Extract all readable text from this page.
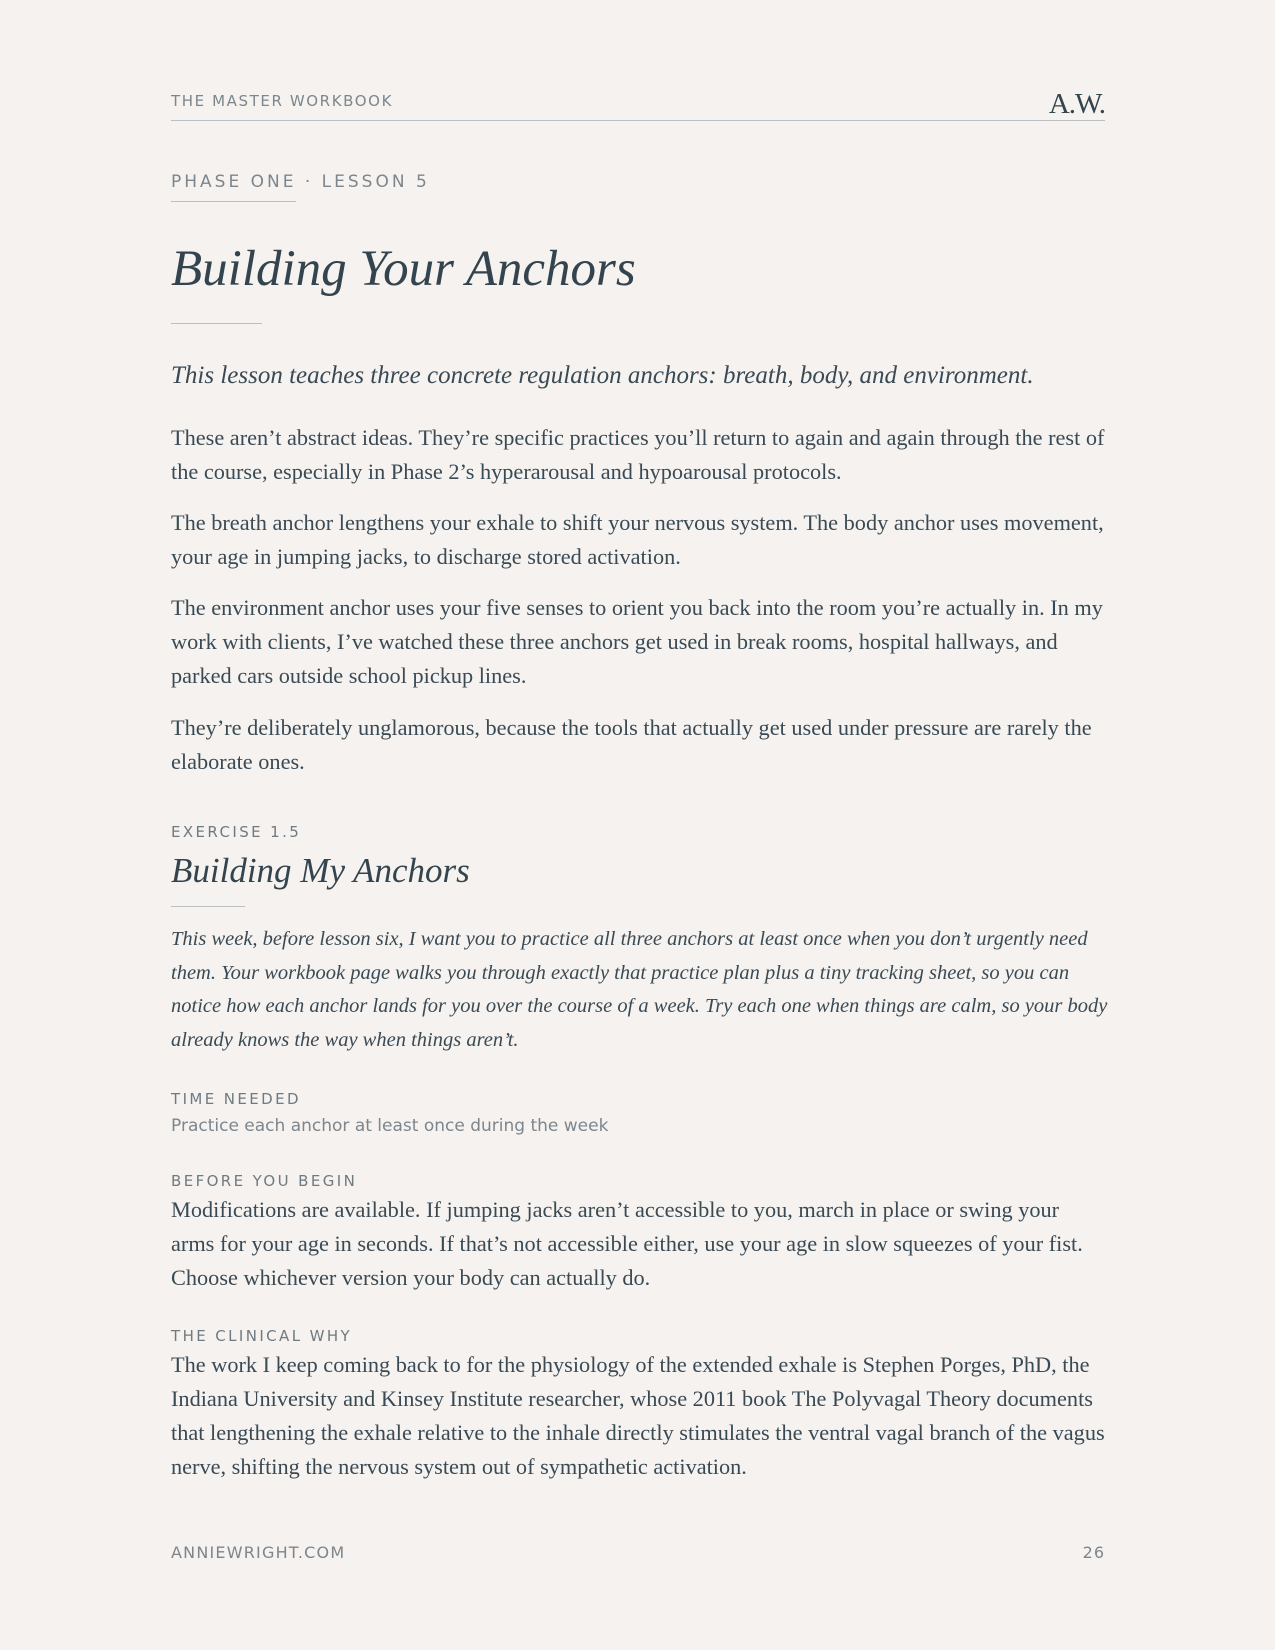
THE MASTER WORKBOOK	A.W.
PHASE ONE · LESSON 5
Building Your Anchors

This lesson teaches three concrete regulation anchors: breath, body, and environment.

These aren’t abstract ideas. They’re specific practices you’ll return to again and again through the rest of the course, especially in Phase 2’s hyperarousal and hypoarousal protocols.

The breath anchor lengthens your exhale to shift your nervous system. The body anchor uses movement, your age in jumping jacks, to discharge stored activation.

The environment anchor uses your five senses to orient you back into the room you’re actually in. In my work with clients, I’ve watched these three anchors get used in break rooms, hospital hallways, and parked cars outside school pickup lines.

They’re deliberately unglamorous, because the tools that actually get used under pressure are rarely the elaborate ones.

EXERCISE 1.5
Building My Anchors

This week, before lesson six, I want you to practice all three anchors at least once when you don’t urgently need them. Your workbook page walks you through exactly that practice plan plus a tiny tracking sheet, so you can notice how each anchor lands for you over the course of a week. Try each one when things are calm, so your body already knows the way when things aren’t.

TIME NEEDED
Practice each anchor at least once during the week
BEFORE YOU BEGIN

Modifications are available. If jumping jacks aren’t accessible to you, march in place or swing your arms for your age in seconds. If that’s not accessible either, use your age in slow squeezes of your fist. Choose whichever version your body can actually do.

THE CLINICAL WHY

The work I keep coming back to for the physiology of the extended exhale is Stephen Porges, PhD, the Indiana University and Kinsey Institute researcher, whose 2011 book The Polyvagal Theory documents that lengthening the exhale relative to the inhale directly stimulates the ventral vagal branch of the vagus nerve, shifting the nervous system out of sympathetic activation.

ANNIEWRIGHT.COM	26
